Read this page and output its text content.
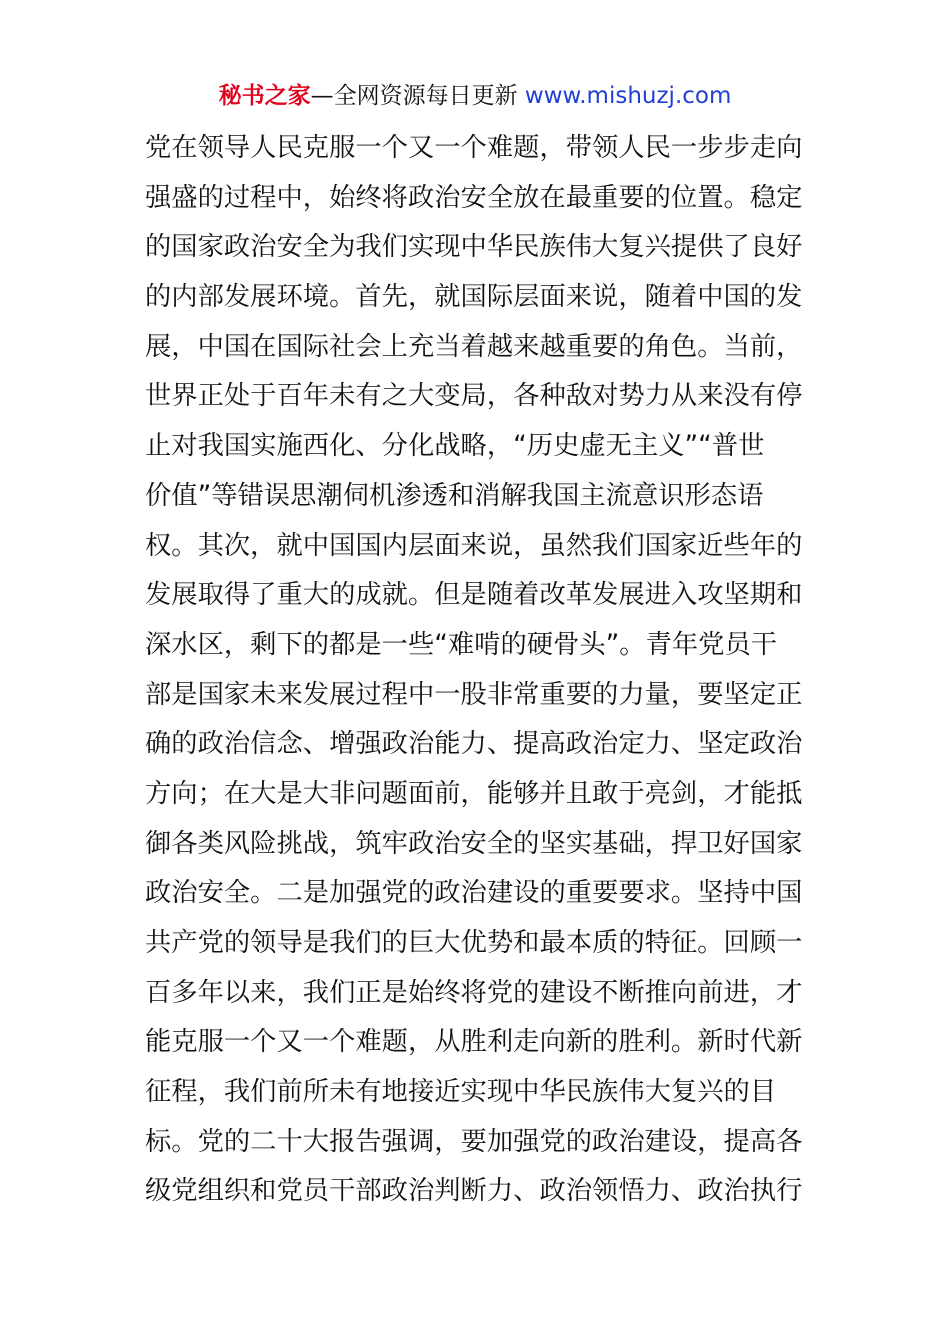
秘书之家—全网资源每日更新 www.mishuzj.com
党在领导人民克服一个又一个难题，带领人民一步步走向
强盛的过程中，始终将政治安全放在最重要的位置。稳定
的国家政治安全为我们实现中华民族伟大复兴提供了良好
的内部发展环境。首先，就国际层面来说，随着中国的发
展，中国在国际社会上充当着越来越重要的角色。当前，
世界正处于百年未有之大变局，各种敌对势力从来没有停
止对我国实施西化、分化战略，“历史虚无主义”“普世
价值”等错误思潮伺机渗透和消解我国主流意识形态语
权。其次，就中国国内层面来说，虽然我们国家近些年的
发展取得了重大的成就。但是随着改革发展进入攻坚期和
深水区，剩下的都是一些“难啃的硬骨头”。青年党员干
部是国家未来发展过程中一股非常重要的力量，要坚定正
确的政治信念、增强政治能力、提高政治定力、坚定政治
方向；在大是大非问题面前，能够并且敢于亮剑，才能抵
御各类风险挑战，筑牢政治安全的坚实基础，捍卫好国家
政治安全。二是加强党的政治建设的重要要求。坚持中国
共产党的领导是我们的巨大优势和最本质的特征。回顾一
百多年以来，我们正是始终将党的建设不断推向前进，才
能克服一个又一个难题，从胜利走向新的胜利。新时代新
征程，我们前所未有地接近实现中华民族伟大复兴的目
标。党的二十大报告强调，要加强党的政治建设，提高各
级党组织和党员干部政治判断力、政治领悟力、政治执行
